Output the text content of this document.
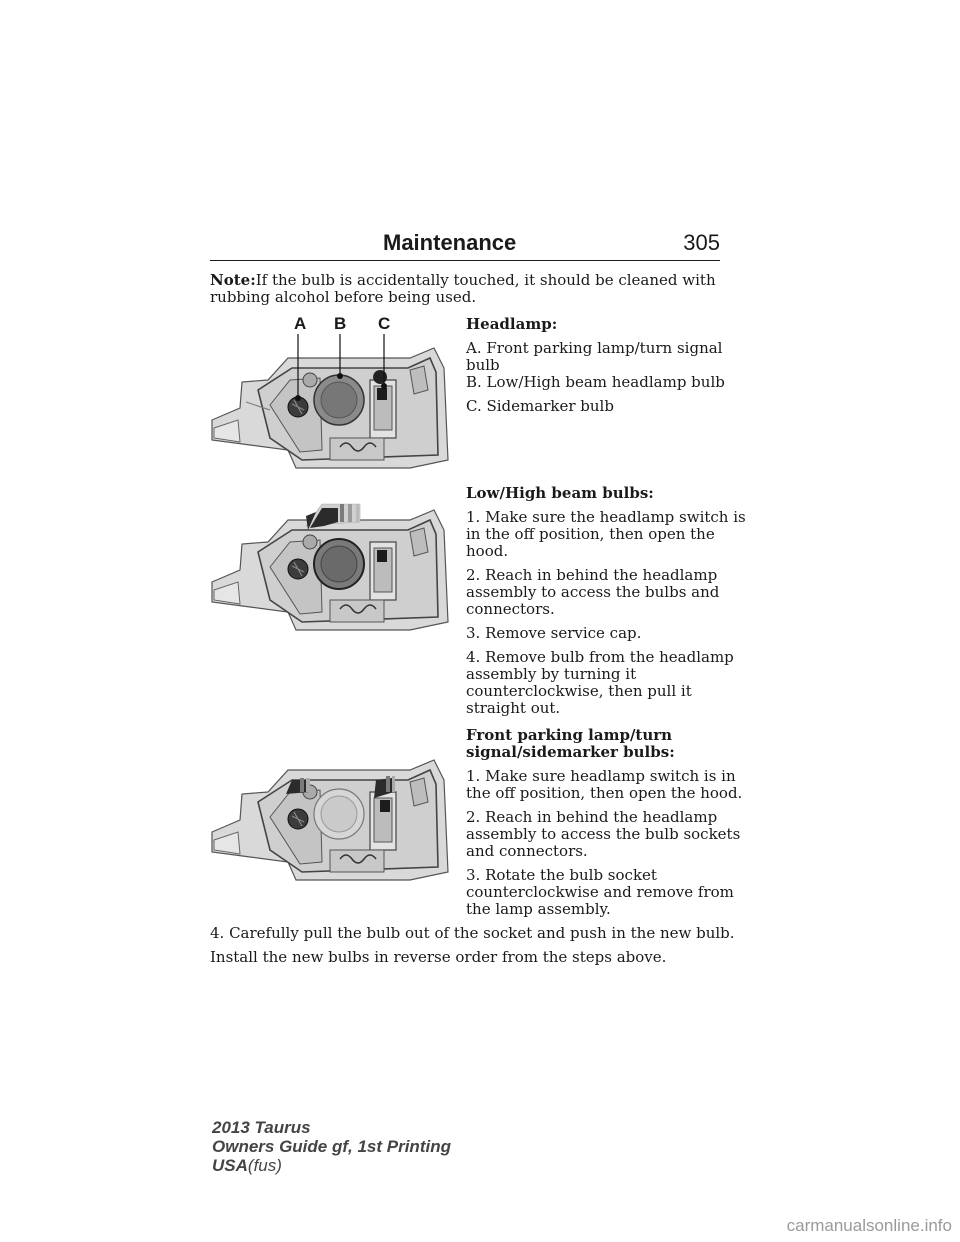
Maintenance	305

Note:If the bulb is accidentally touched, it should be cleaned with

rubbing alcohol before being used.

A B C	Headlamp:

A. Front parking lamp/turn signal

bulb

B. Low/High beam headlamp bulb

C. Sidemarker bulb

Low/High beam bulbs:

1. Make sure the headlamp switch is

in the off position, then open the

hood.

2. Reach in behind the headlamp

assembly to access the bulbs and

connectors.

3. Remove service cap.

4. Remove bulb from the headlamp

assembly by turning it

counterclockwise, then pull it

straight out.

Front parking lamp/turn

signal/sidemarker bulbs:

1. Make sure headlamp switch is in

the off position, then open the hood.

2. Reach in behind the headlamp

assembly to access the bulb sockets

and connectors.

3. Rotate the bulb socket

counterclockwise and remove from

the lamp assembly.

4. Carefully pull the bulb out of the socket and push in the new bulb.

Install the new bulbs in reverse order from the steps above.

2013 Taurus
Owners Guide gf, 1st Printing
USA(fus)
carmanualsonline.info
